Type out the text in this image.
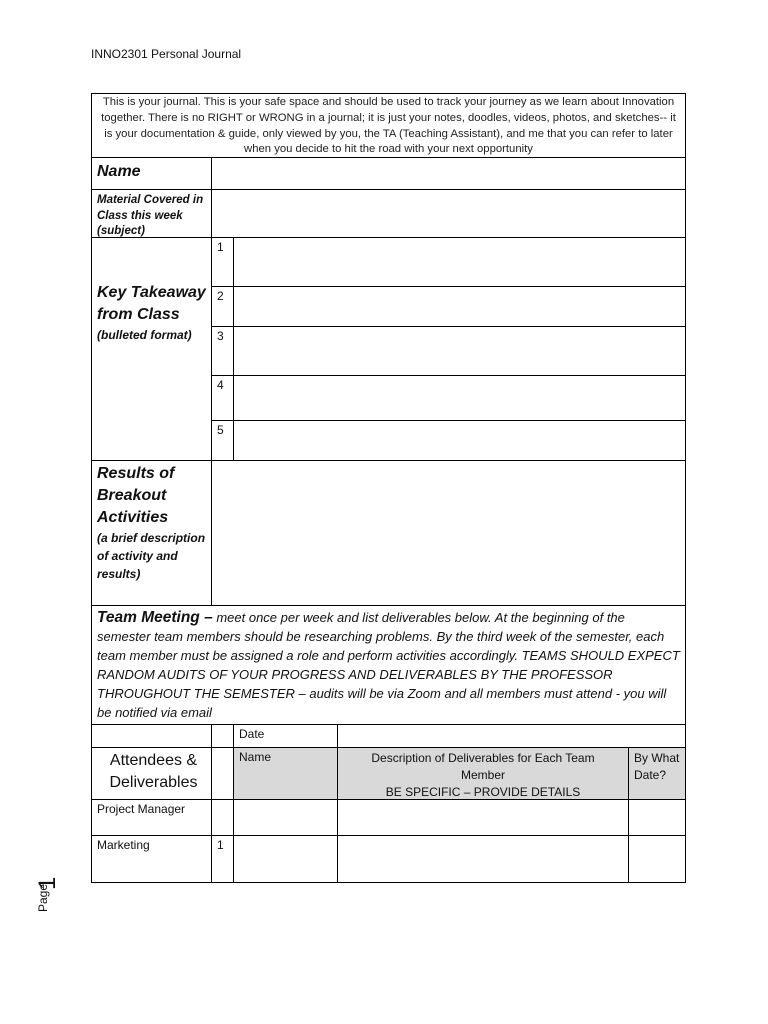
INNO2301 Personal Journal
Page
1
This is your journal. This is your safe space and should be used to track your journey as we learn about Innovation together. There is no RIGHT or WRONG in a journal; it is just your notes, doodles, videos, photos, and sketches-- it is your documentation & guide, only viewed by you, the TA (Teaching Assistant), and me that you can refer to later when you decide to hit the road with your next opportunity
Name
Material Covered in Class this week (subject)
Key Takeaway from Class
(bulleted format)
1
2
3
4
5
Results of Breakout Activities
(a brief description of activity and results)
Team Meeting – meet once per week and list deliverables below. At the beginning of the semester team members should be researching problems. By the third week of the semester, each team member must be assigned a role and perform activities accordingly. TEAMS SHOULD EXPECT RANDOM AUDITS OF YOUR PROGRESS AND DELIVERABLES BY THE PROFESSOR THROUGHOUT THE SEMESTER – audits will be via Zoom and all members must attend - you will be notified via email
Date
Attendees & Deliverables
Name	Description of Deliverables for Each Team Member
BE SPECIFIC – PROVIDE DETAILS
By What Date?
Project Manager
Marketing	1
